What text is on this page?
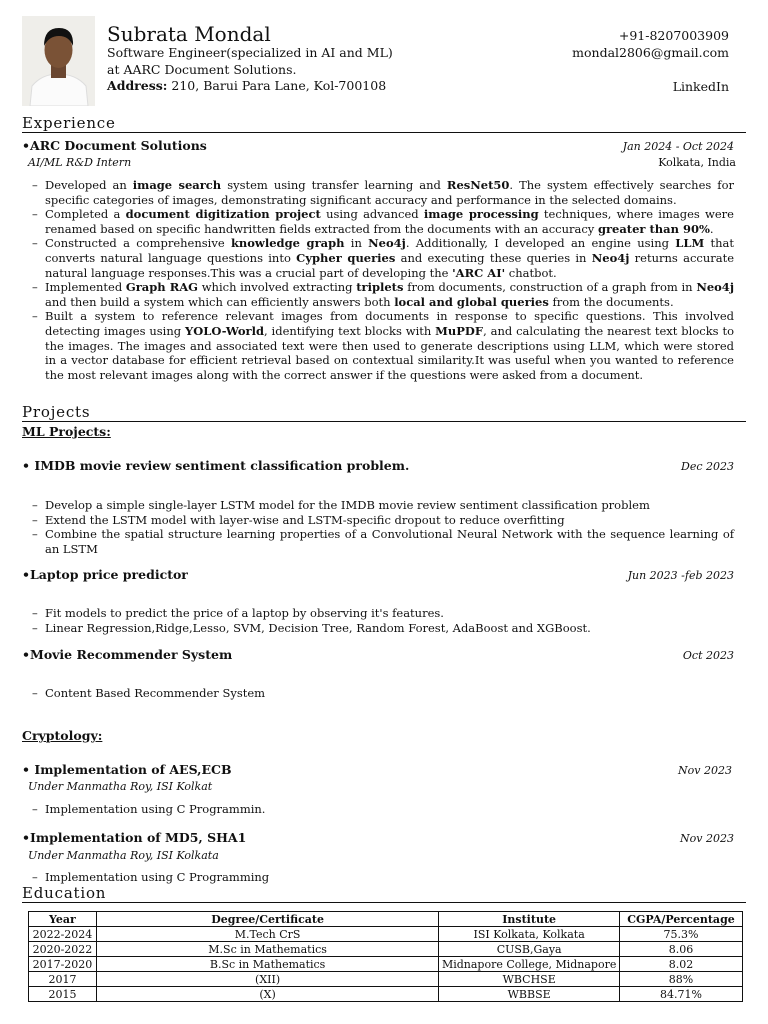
Subrata Mondal
Software Engineer(specialized in AI and ML)
at AARC Document Solutions.
Address: 210, Barui Para Lane, Kol-700108
+91-8207003909
mondal2806@gmail.com
LinkedIn
Experience
•ARC Document Solutions	Jan 2024 - Oct 2024
AI/ML R&D Intern	Kolkata, India
– Developed an image search system using transfer learning and ResNet50. The system effectively searches for specific categories of images, demonstrating significant accuracy and performance in the selected domains.
– Completed a document digitization project using advanced image processing techniques, where images were renamed based on specific handwritten fields extracted from the documents with an accuracy greater than 90%.
– Constructed a comprehensive knowledge graph in Neo4j. Additionally, I developed an engine using LLM that converts natural language questions into Cypher queries and executing these queries in Neo4j returns accurate natural language responses.This was a crucial part of developing the 'ARC AI' chatbot.
– Implemented Graph RAG which involved extracting triplets from documents, construction of a graph from in Neo4j and then build a system which can efficiently answers both local and global queries from the documents.
– Built a system to reference relevant images from documents in response to specific questions. This involved detecting images using YOLO-World, identifying text blocks with MuPDF, and calculating the nearest text blocks to the images. The images and associated text were then used to generate descriptions using LLM, which were stored in a vector database for efficient retrieval based on contextual similarity.It was useful when you wanted to reference the most relevant images along with the correct answer if the questions were asked from a document.
Projects
ML Projects:
• IMDB movie review sentiment classification problem.	Dec 2023
– Develop a simple single-layer LSTM model for the IMDB movie review sentiment classification problem
– Extend the LSTM model with layer-wise and LSTM-specific dropout to reduce overfitting
– Combine the spatial structure learning properties of a Convolutional Neural Network with the sequence learning of an LSTM
•Laptop price predictor	Jun 2023 -feb 2023
– Fit models to predict the price of a laptop by observing it's features.
– Linear Regression,Ridge,Lesso, SVM, Decision Tree, Random Forest, AdaBoost and XGBoost.
•Movie Recommender System	Oct 2023
– Content Based Recommender System
Cryptology:
• Implementation of AES,ECB	Nov 2023
Under Manmatha Roy, ISI Kolkat
– Implementation using C Programmin.
•Implementation of MD5, SHA1	Nov 2023
Under Manmatha Roy, ISI Kolkata
– Implementation using C Programming
Education
Year	Degree/Certificate	Institute	CGPA/Percentage
2022-2024	M.Tech CrS	ISI Kolkata, Kolkata	75.3%
2020-2022	M.Sc in Mathematics	CUSB,Gaya	8.06
2017-2020	B.Sc in Mathematics	Midnapore College, Midnapore	8.02
2017	(XII)	WBCHSE	88%
2015	(X)	WBBSE	84.71%
